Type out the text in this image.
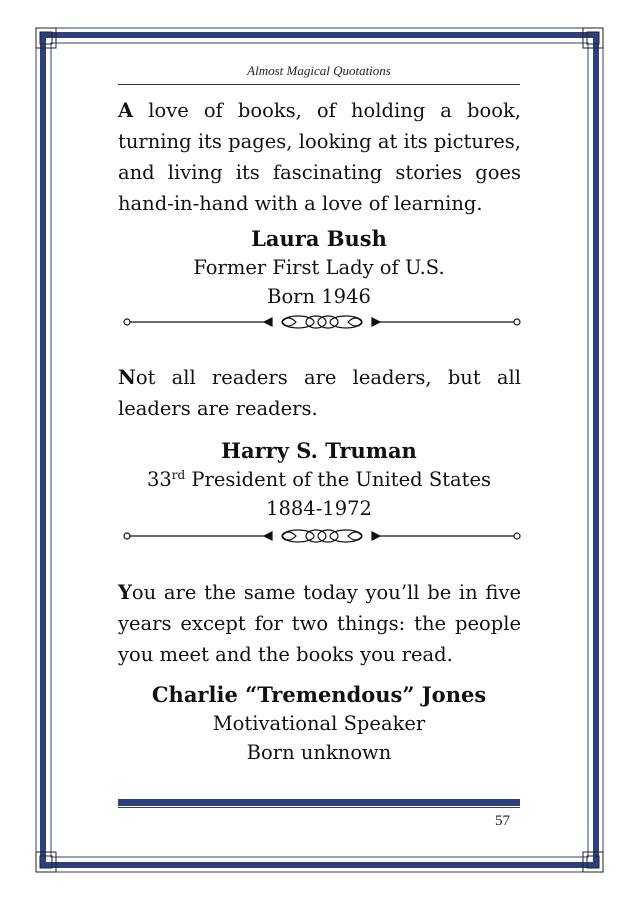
Almost Magical Quotations
A love of books, of holding a book, turning its pages, looking at its pictures, and living its fascinating stories goes hand-in-hand with a love of learning.
Laura Bush
Former First Lady of U.S.
Born 1946
Not all readers are leaders, but all leaders are readers.
Harry S. Truman
33rd President of the United States
1884-1972
You are the same today you’ll be in five years except for two things: the people you meet and the books you read.
Charlie “Tremendous” Jones
Motivational Speaker
Born unknown
57
